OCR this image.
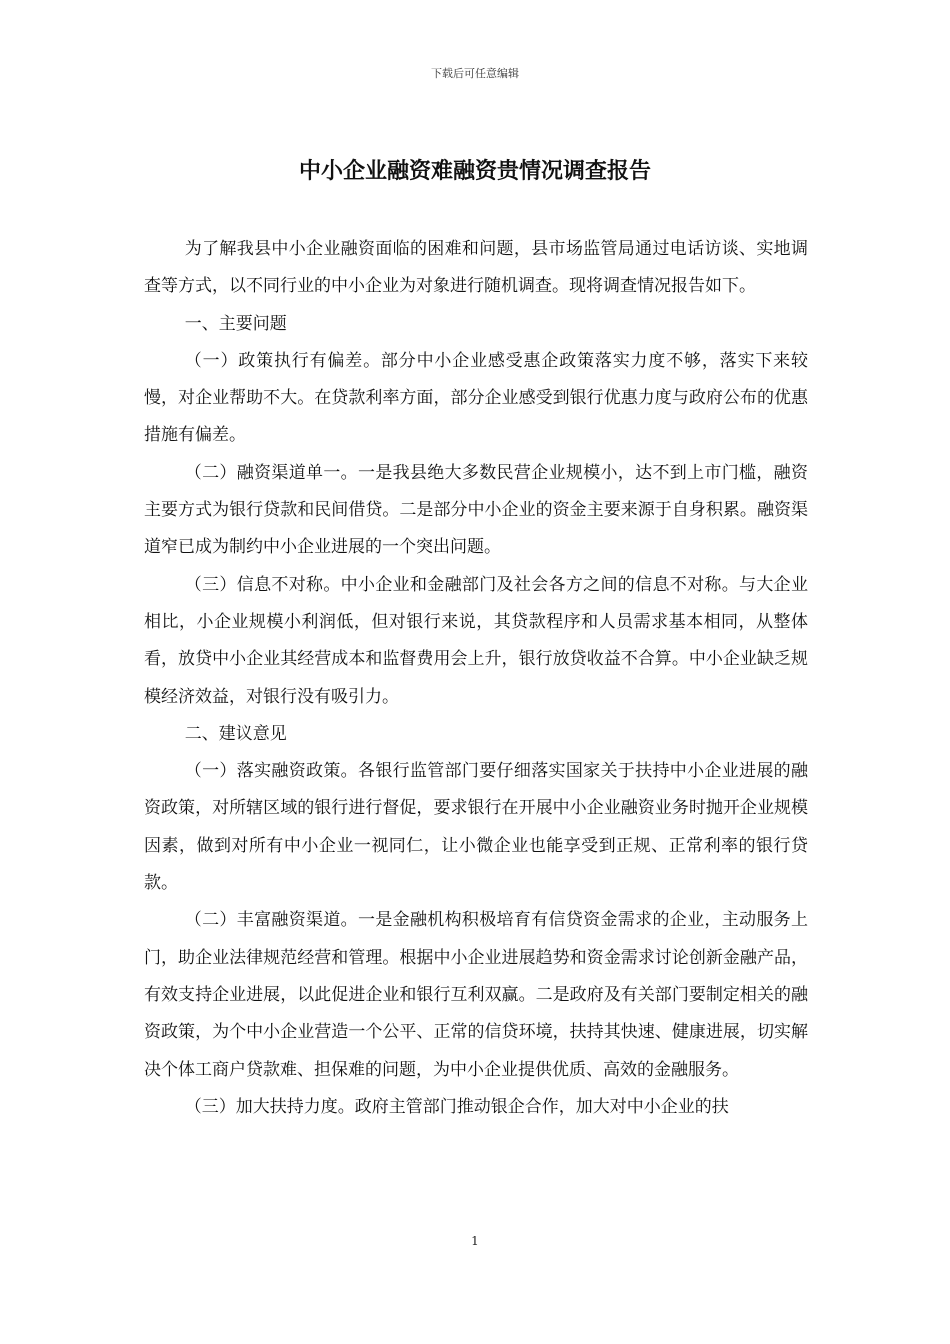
下载后可任意编辑
中小企业融资难融资贵情况调查报告

为了解我县中小企业融资面临的困难和问题，县市场监管局通过电话访谈、实地调查等方式，以不同行业的中小企业为对象进行随机调查。现将调查情况报告如下。

一、主要问题

（一）政策执行有偏差。部分中小企业感受惠企政策落实力度不够，落实下来较慢，对企业帮助不大。在贷款利率方面，部分企业感受到银行优惠力度与政府公布的优惠措施有偏差。

（二）融资渠道单一。一是我县绝大多数民营企业规模小，达不到上市门槛，融资主要方式为银行贷款和民间借贷。二是部分中小企业的资金主要来源于自身积累。融资渠道窄已成为制约中小企业进展的一个突出问题。

（三）信息不对称。中小企业和金融部门及社会各方之间的信息不对称。与大企业相比，小企业规模小利润低，但对银行来说，其贷款程序和人员需求基本相同，从整体看，放贷中小企业其经营成本和监督费用会上升，银行放贷收益不合算。中小企业缺乏规模经济效益，对银行没有吸引力。

二、建议意见

（一）落实融资政策。各银行监管部门要仔细落实国家关于扶持中小企业进展的融资政策，对所辖区域的银行进行督促，要求银行在开展中小企业融资业务时抛开企业规模因素，做到对所有中小企业一视同仁，让小微企业也能享受到正规、正常利率的银行贷款。

（二）丰富融资渠道。一是金融机构积极培育有信贷资金需求的企业，主动服务上门，助企业法律规范经营和管理。根据中小企业进展趋势和资金需求讨论创新金融产品，有效支持企业进展，以此促进企业和银行互利双赢。二是政府及有关部门要制定相关的融资政策，为个中小企业营造一个公平、正常的信贷环境，扶持其快速、健康进展，切实解决个体工商户贷款难、担保难的问题，为中小企业提供优质、高效的金融服务。

（三）加大扶持力度。政府主管部门推动银企合作，加大对中小企业的扶

1
